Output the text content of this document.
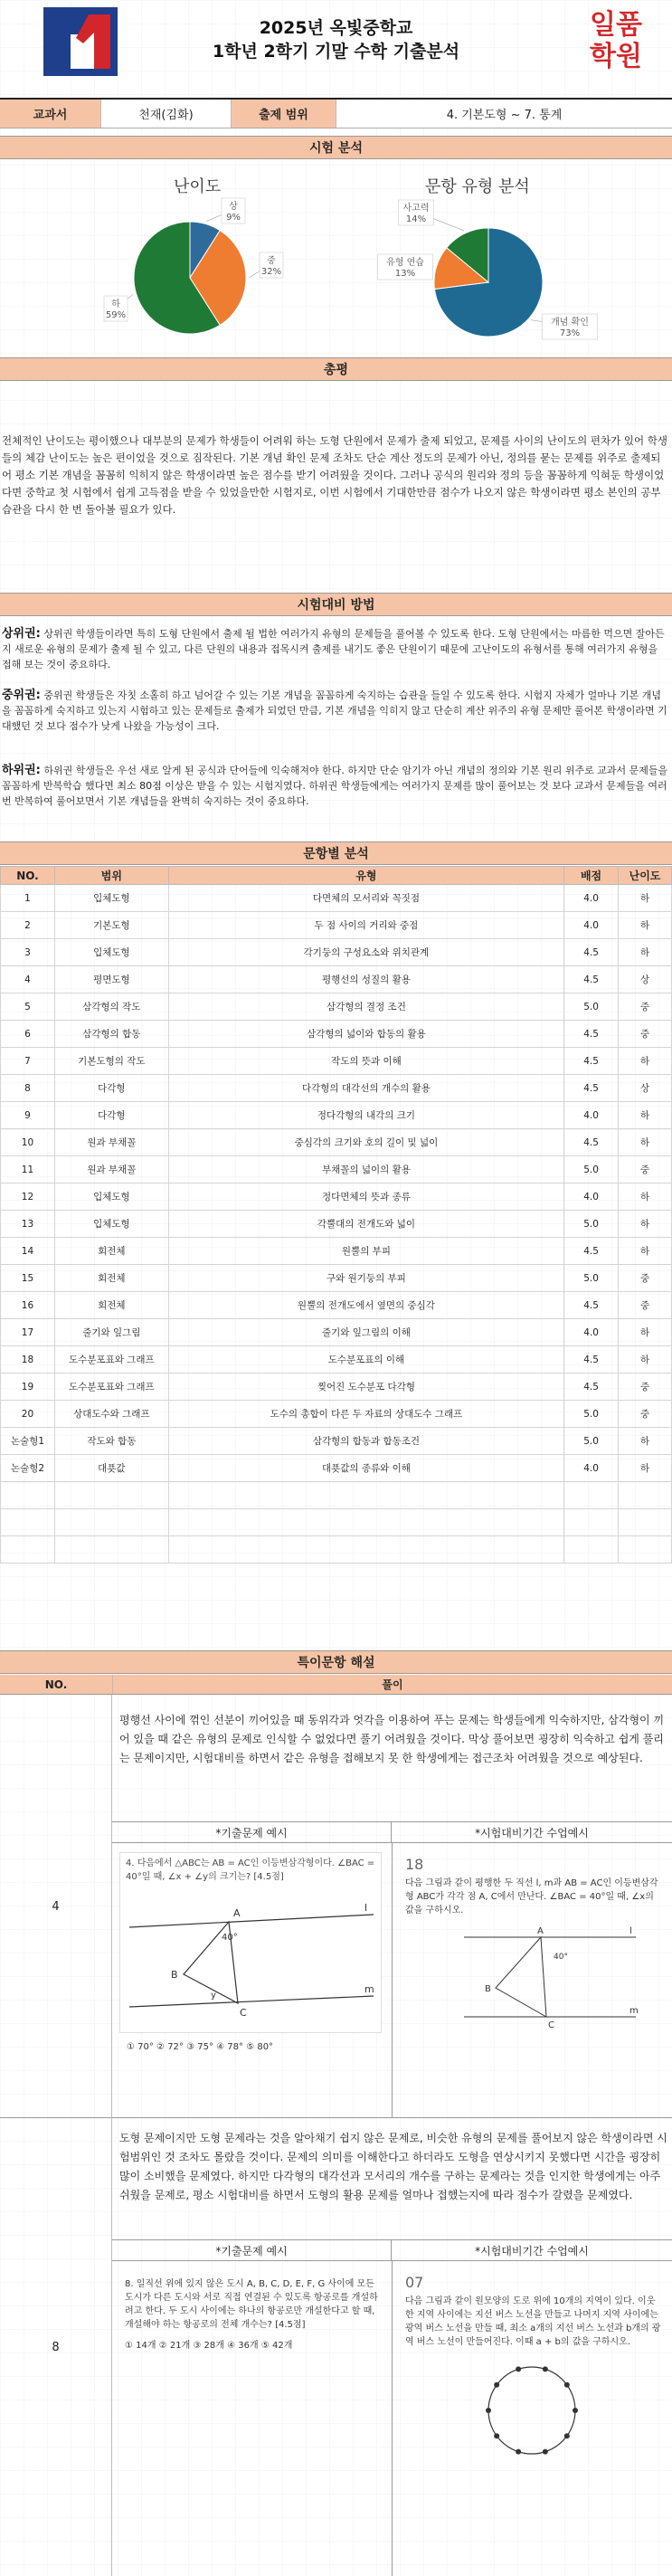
2025년 옥빛중학교
1학년 2학기 기말 수학 기출분석
일품
학원
교과서	천재(김화)	출제 범위	4. 기본도형 ~ 7. 통계
시험 분석
난이도
상
9%
중
32%
하
59%
문항 유형 분석
개념 확인
73%
유형 연습
13%
사고력
14%
총평
전체적인 난이도는 평이했으나 대부분의 문제가 학생들이 어려워 하는 도형 단원에서 문제가 출제 되었고, 문제를 사이의 난이도의 편차가 있어 학생들의 체감 난이도는 높은 편이었을 것으로 짐작된다. 기본 개념 확인 문제 조차도 단순 계산 정도의 문제가 아닌, 정의를 묻는 문제를 위주로 출제되어 평소 기본 개념을 꼼꼼히 익히지 않은 학생이라면 높은 점수를 받기 어려웠을 것이다. 그러나 공식의 원리와 정의 등을 꼼꼼하게 익혀둔 학생이었다면 중학교 첫 시험에서 쉽게 고득점을 받을 수 있었을만한 시험지로, 이번 시험에서 기대한만큼 점수가 나오지 않은 학생이라면 평소 본인의 공부 습관을 다시 한 번 돌아볼 필요가 있다.
시험대비 방법
상위권: 상위권 학생들이라면 특히 도형 단원에서 출제 될 법한 여러가지 유형의 문제들을 풀어볼 수 있도록 한다. 도형 단원에서는 마름한 먹으면 잘아든지 새로운 유형의 문제가 출제 될 수 있고, 다른 단원의 내용과 접목시켜 출제를 내기도 좋은 단원이기 때문에 고난이도의 유형서를 통해 여러가지 유형을 접해 보는 것이 중요하다.
중위권: 중위권 학생들은 자칫 소홀히 하고 넘어갈 수 있는 기본 개념을 꼼꼼하게 숙지하는 습관을 들일 수 있도록 한다. 시험지 자체가 얼마나 기본 개념을 꼼꼼하게 숙지하고 있는지 시험하고 있는 문제들로 출제가 되었던 만큼, 기본 개념을 익히지 않고 단순히 계산 위주의 유형 문제만 풀어본 학생이라면 기대했던 것 보다 점수가 낮게 나왔을 가능성이 크다.
하위권: 하위권 학생들은 우선 새로 알게 된 공식과 단어들에 익숙해져야 한다. 하지만 단순 암기가 아닌 개념의 정의와 기본 원리 위주로 교과서 문제들을 꼼꼼하게 반복학습 했다면 최소 80점 이상은 받을 수 있는 시험지였다. 하위권 학생들에게는 여러가지 문제를 많이 풀어보는 것 보다 교과서 문제들을 여러 번 반복하여 풀어보면서 기본 개념들을 완벽히 숙지하는 것이 중요하다.
문항별 분석
NO.	범위	유형	배점	난이도
1	입체도형	다면체의 모서리와 꼭짓점	4.0	하
2	기본도형	두 점 사이의 거리와 중점	4.0	하
3	입체도형	각기둥의 구성요소와 위치관계	4.5	하
4	평면도형	평행선의 성질의 활용	4.5	상
5	삼각형의 작도	삼각형의 결정 조건	5.0	중
6	삼각형의 합동	삼각형의 넓이와 합동의 활용	4.5	중
7	기본도형의 작도	작도의 뜻과 이해	4.5	하
8	다각형	다각형의 대각선의 개수의 활용	4.5	상
9	다각형	정다각형의 내각의 크기	4.0	하
10	원과 부채꼴	중심각의 크기와 호의 길이 및 넓이	4.5	하
11	원과 부채꼴	부채꼴의 넓이의 활용	5.0	중
12	입체도형	정다면체의 뜻과 종류	4.0	하
13	입체도형	각뿔대의 전개도와 넓이	5.0	하
14	회전체	원뿔의 부피	4.5	하
15	회전체	구와 원기둥의 부피	5.0	중
16	회전체	원뿔의 전개도에서 옆면의 중심각	4.5	중
17	줄기와 잎그림	줄기와 잎그림의 이해	4.0	하
18	도수분포표와 그래프	도수분포표의 이해	4.5	하
19	도수분포표와 그래프	찢어진 도수분포 다각형	4.5	중
20	상대도수와 그래프	도수의 총합이 다른 두 자료의 상대도수 그래프	5.0	중
논술형1	작도와 합동	삼각형의 합동과 합동조건	5.0	하
논술형2	대푯값	대푯값의 종류와 이해	4.0	하

특이문항 해설
NO.	풀이
4
평행선 사이에 꺾인 선분이 끼어있을 때 동위각과 엇각을 이용하여 푸는 문제는 학생들에게 익숙하지만, 삼각형이 끼어 있을 때 같은 유형의 문제로 인식할 수 없었다면 풀기 어려웠을 것이다. 막상 풀어보면 굉장히 익숙하고 쉽게 풀리는 문제이지만, 시험대비를 하면서 같은 유형을 접해보지 못 한 학생에게는 접근조차 어려웠을 것으로 예상된다.
*기출문제 예시	*시험대비기간 수업예시
4. 다음에서 △ABC는 AB = AC인 이등변삼각형이다. ∠BAC = 40°일 때, ∠x + ∠y의 크기는? [4.5점]
A
B
C
40°
y
l
m
① 70° ② 72° ③ 75° ④ 78° ⑤ 80°
18
다음 그림과 같이 평행한 두 직선 l, m과 AB = AC인 이등변삼각형 ABC가 각각 점 A, C에서 만난다. ∠BAC = 40°일 때, ∠x의 값을 구하시오.
A
B
C
40°
l
m
8
도형 문제이지만 도형 문제라는 것을 알아채기 쉽지 않은 문제로, 비슷한 유형의 문제를 풀어보지 않은 학생이라면 시험범위인 것 조차도 몰랐을 것이다. 문제의 의미를 이해한다고 하더라도 도형을 연상시키지 못했다면 시간을 굉장히 많이 소비했을 문제였다. 하지만 다각형의 대각선과 모서리의 개수를 구하는 문제라는 것을 인지한 학생에게는 아주 쉬웠을 문제로, 평소 시험대비를 하면서 도형의 활용 문제를 얼마나 접했는지에 따라 점수가 갈렸을 문제였다.
*기출문제 예시	*시험대비기간 수업예시
8. 일직선 위에 있지 않은 도시 A, B, C, D, E, F, G 사이에 모든 도시가 다른 도시와 서로 직접 연결된 수 있도록 항공로를 개설하려고 한다. 두 도시 사이에는 하나의 항공로만 개설한다고 할 때, 개설해야 하는 항공로의 전체 개수는? [4.5점]
① 14개 ② 21개 ③ 28개 ④ 36개 ⑤ 42개
07
다음 그림과 같이 원모양의 도로 위에 10개의 지역이 있다. 이웃한 지역 사이에는 지선 버스 노선을 만들고 나머지 지역 사이에는 광역 버스 노선을 만들 때, 최소 a개의 지선 버스 노선과 b개의 광역 버스 노선이 만들어진다. 이때 a + b의 값을 구하시오.
